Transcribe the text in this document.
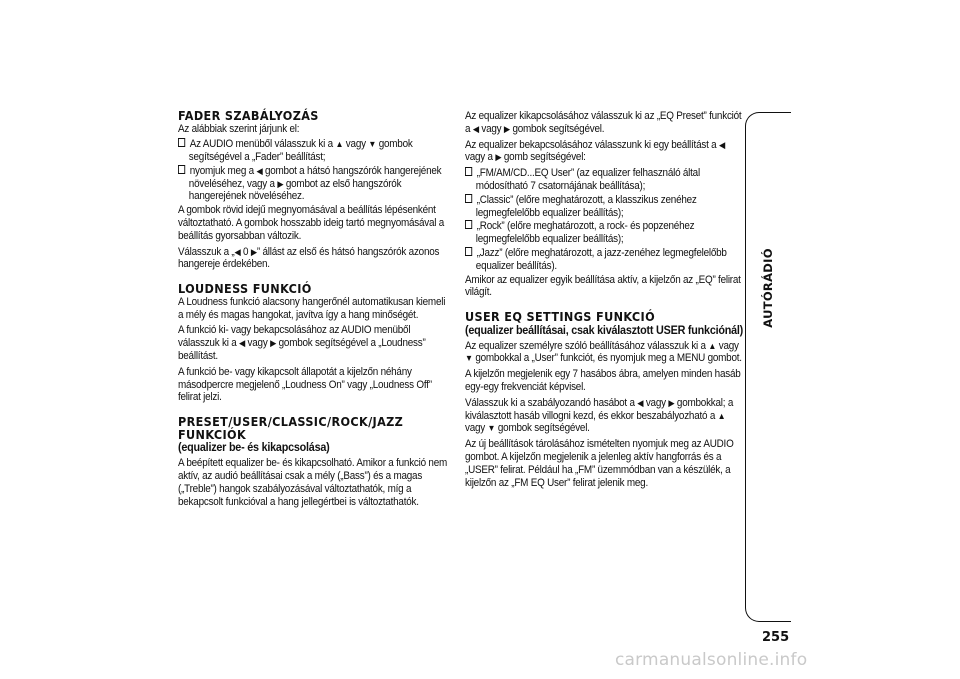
FADER SZABÁLYOZÁS

Az alábbiak szerint járjunk el:

Az AUDIO menüből válasszuk ki a ▲ vagy ▼ gombok segítségével a „Fader” beállítást;
nyomjuk meg a ◀ gombot a hátsó hangszórók hangerejének növeléséhez, vagy a ▶ gombot az első hangszórók hangerejének növeléséhez.

A gombok rövid idejű megnyomásával a beállítás lépésenként változtatható. A gombok hosszabb ideig tartó megnyomásával a beállítás gyorsabban változik.

Válasszuk a „◀ 0 ▶” állást az első és hátsó hangszórók azonos hangereje érdekében.

LOUDNESS FUNKCIÓ

A Loudness funkció alacsony hangerőnél automatikusan kiemeli a mély és magas hangokat, javítva így a hang minőségét.

A funkció ki- vagy bekapcsolásához az AUDIO menüből válasszuk ki a ◀ vagy ▶ gombok segítségével a „Loudness” beállítást.

A funkció be- vagy kikapcsolt állapotát a kijelzőn néhány másodpercre megjelenő „Loudness On” vagy „Loudness Off” felirat jelzi.

PRESET/USER/CLASSIC/ROCK/JAZZ FUNKCIÓK

(equalizer be- és kikapcsolása)

A beépített equalizer be- és kikapcsolható. Amikor a funkció nem aktív, az audió beállításai csak a mély („Bass”) és a magas („Treble”) hangok szabályozásával változtathatók, míg a bekapcsolt funkcióval a hang jellegértbei is változtathatók.

Az equalizer kikapcsolásához válasszuk ki az „EQ Preset” funkciót a ◀ vagy ▶ gombok segítségével.

Az equalizer bekapcsolásához válasszunk ki egy beállítást a ◀ vagy a ▶ gomb segítségével:

„FM/AM/CD...EQ User” (az equalizer felhasználó által módosítható 7 csatornájának beállítása);
„Classic” (előre meghatározott, a klasszikus zenéhez legmegfelelőbb equalizer beállítás);
„Rock” (előre meghatározott, a rock- és popzenéhez legmegfelelőbb equalizer beállítás);
„Jazz” (előre meghatározott, a jazz-zenéhez legmegfelelőbb equalizer beállítás).

Amikor az equalizer egyik beállítása aktív, a kijelzőn az „EQ” felirat világít.

USER EQ SETTINGS FUNKCIÓ

(equalizer beállításai, csak kiválasztott USER funkciónál)

Az equalizer személyre szóló beállításához válasszuk ki a ▲ vagy ▼ gombokkal a „User” funkciót, és nyomjuk meg a MENU gombot.

A kijelzőn megjelenik egy 7 hasábos ábra, amelyen minden hasáb egy-egy frekvenciát képvisel.

Válasszuk ki a szabályozandó hasábot a ◀ vagy ▶ gombokkal; a kiválasztott hasáb villogni kezd, és ekkor beszabályozható a ▲ vagy ▼ gombok segítségével.

Az új beállítások tárolásához ismételten nyomjuk meg az AUDIO gombot. A kijelzőn megjelenik a jelenleg aktív hangforrás és a „USER” felirat. Például ha „FM” üzemmódban van a készülék, a kijelzőn az „FM EQ User” felirat jelenik meg.

AUTÓRÁDIÓ
255
carmanualsonline.info
